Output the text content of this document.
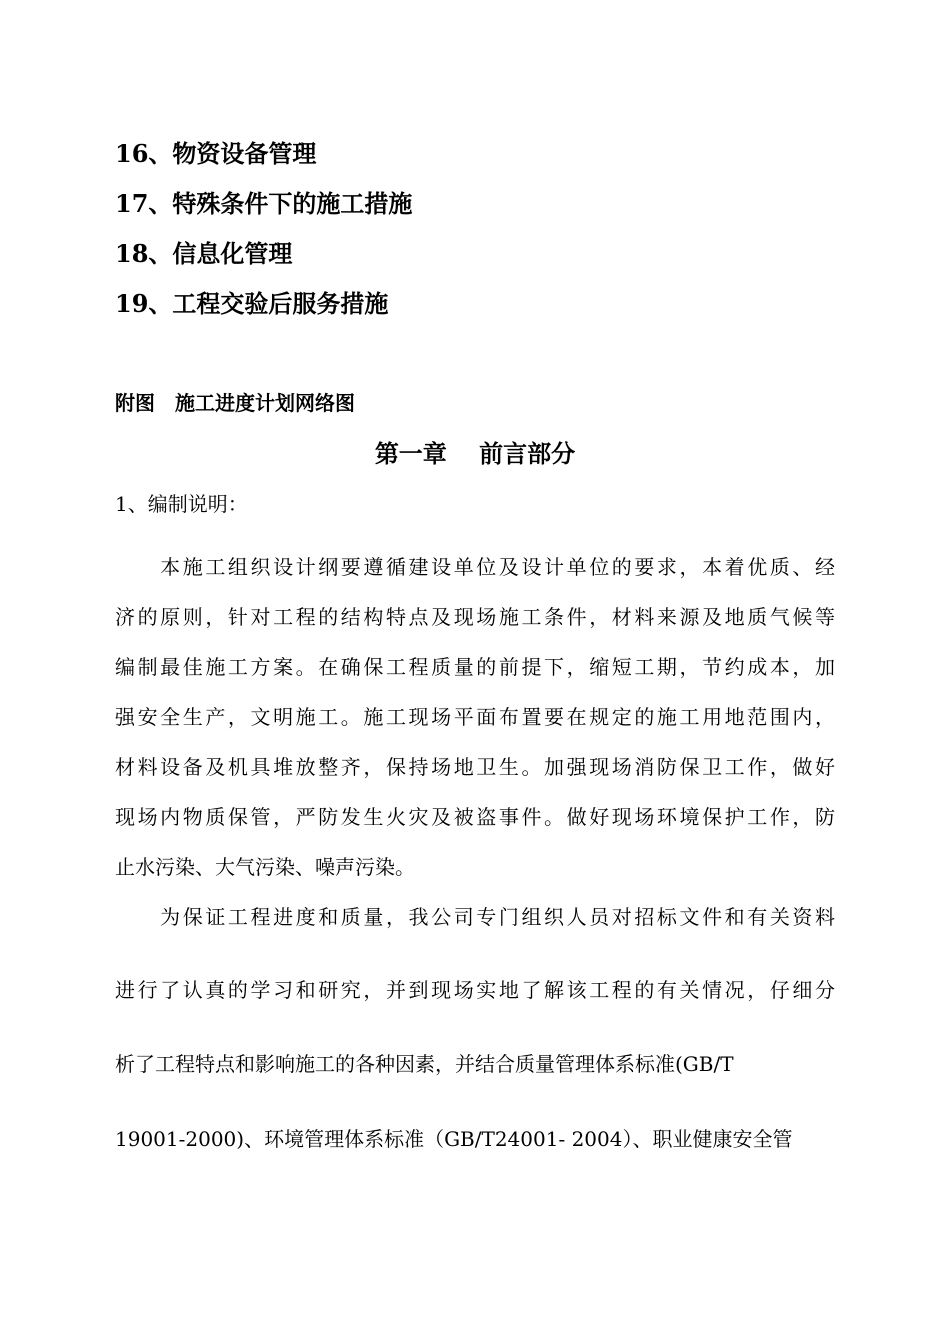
16、物资设备管理
17、特殊条件下的施工措施
18、信息化管理
19、工程交验后服务措施
附图　施工进度计划网络图
第一章　 前言部分
1、编制说明：
　　本施工组织设计纲要遵循建设单位及设计单位的要求，本着优质、经
济的原则，针对工程的结构特点及现场施工条件，材料来源及地质气候等
编制最佳施工方案。在确保工程质量的前提下，缩短工期，节约成本，加
强安全生产，文明施工。施工现场平面布置要在规定的施工用地范围内，
材料设备及机具堆放整齐，保持场地卫生。加强现场消防保卫工作，做好
现场内物质保管，严防发生火灾及被盗事件。做好现场环境保护工作，防
止水污染、大气污染、噪声污染。
　　为保证工程进度和质量，我公司专门组织人员对招标文件和有关资料
进行了认真的学习和研究，并到现场实地了解该工程的有关情况，仔细分
析了工程特点和影响施工的各种因素，并结合质量管理体系标准(GB/T
19001-2000)、环境管理体系标准（GB/T24001- 2004）、职业健康安全管
